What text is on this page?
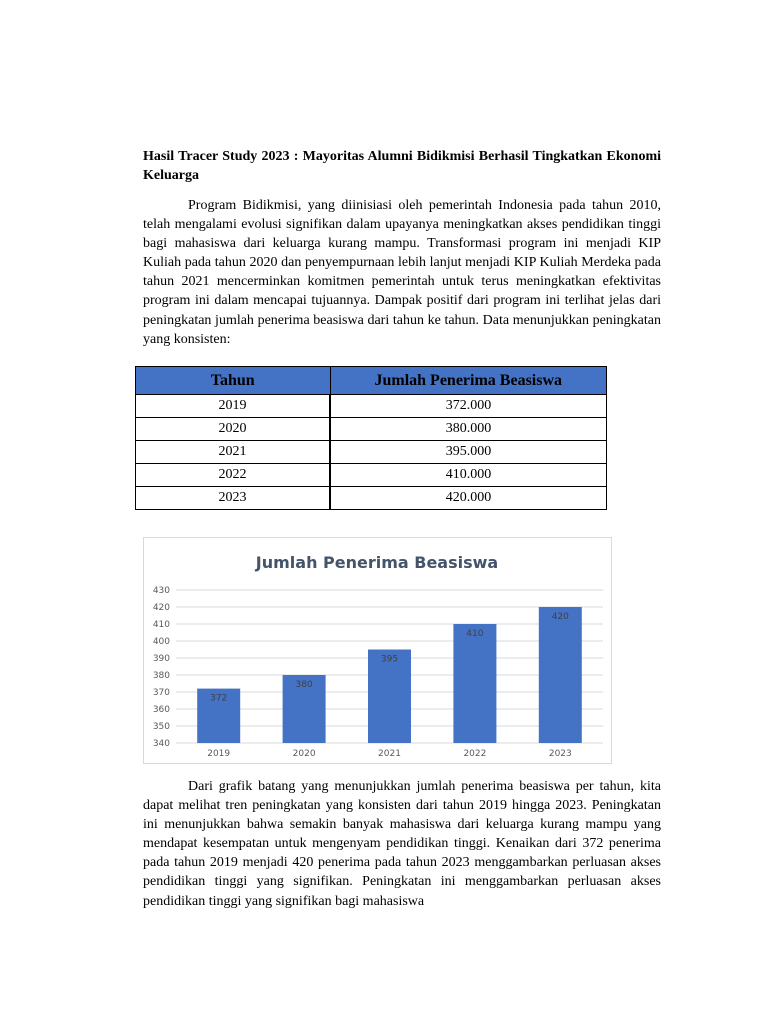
Hasil Tracer Study 2023 : Mayoritas Alumni Bidikmisi Berhasil Tingkatkan Ekonomi Keluarga

Program Bidikmisi, yang diinisiasi oleh pemerintah Indonesia pada tahun 2010, telah mengalami evolusi signifikan dalam upayanya meningkatkan akses pendidikan tinggi bagi mahasiswa dari keluarga kurang mampu. Transformasi program ini menjadi KIP Kuliah pada tahun 2020 dan penyempurnaan lebih lanjut menjadi KIP Kuliah Merdeka pada tahun 2021 mencerminkan komitmen pemerintah untuk terus meningkatkan efektivitas program ini dalam mencapai tujuannya. Dampak positif dari program ini terlihat jelas dari peningkatan jumlah penerima beasiswa dari tahun ke tahun. Data menunjukkan peningkatan yang konsisten:

Tahun	Jumlah Penerima Beasiswa
2019	372.000
2020	380.000
2021	395.000
2022	410.000
2023	420.000
Jumlah Penerima Beasiswa
340
350
360
370
380
390
400
410
420
430
372
2019
380
2020
395
2021
410
2022
420
2023

Dari grafik batang yang menunjukkan jumlah penerima beasiswa per tahun, kita dapat melihat tren peningkatan yang konsisten dari tahun 2019 hingga 2023. Peningkatan ini menunjukkan bahwa semakin banyak mahasiswa dari keluarga kurang mampu yang mendapat kesempatan untuk mengenyam pendidikan tinggi. Kenaikan dari 372 penerima pada tahun 2019 menjadi 420 penerima pada tahun 2023 menggambarkan perluasan akses pendidikan tinggi yang signifikan. Peningkatan ini menggambarkan perluasan akses pendidikan tinggi yang signifikan bagi mahasiswa
